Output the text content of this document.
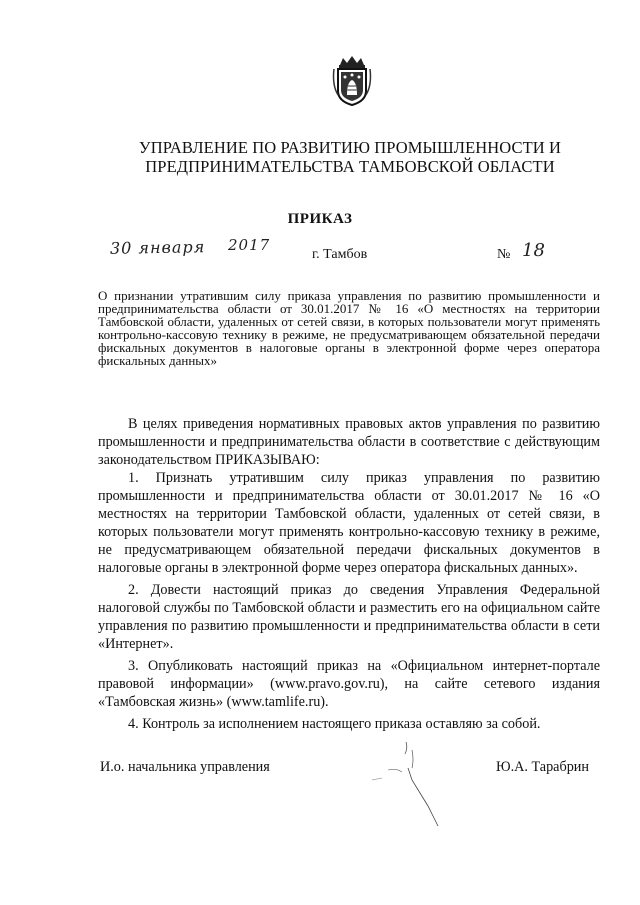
УПРАВЛЕНИЕ ПО РАЗВИТИЮ ПРОМЫШЛЕННОСТИ И
ПРЕДПРИНИМАТЕЛЬСТВА ТАМБОВСКОЙ ОБЛАСТИ
ПРИКАЗ
30 января 2017
г. Тамбов	№ 18
О признании утратившим силу приказа управления по развитию промышленности и предпринимательства области от 30.01.2017 № 16 «О местностях на территории Тамбовской области, удаленных от сетей связи, в которых пользователи могут применять контрольно-кассовую технику в режиме, не предусматривающем обязательной передачи фискальных документов в налоговые органы в электронной форме через оператора фискальных данных»

В целях приведения нормативных правовых актов управления по развитию промышленности и предпринимательства области в соответствие с действующим законодательством ПРИКАЗЫВАЮ:

1. Признать утратившим силу приказ управления по развитию промышленности и предпринимательства области от 30.01.2017 № 16 «О местностях на территории Тамбовской области, удаленных от сетей связи, в которых пользователи могут применять контрольно-кассовую технику в режиме, не предусматривающем обязательной передачи фискальных документов в налоговые органы в электронной форме через оператора фискальных данных».

2. Довести настоящий приказ до сведения Управления Федеральной налоговой службы по Тамбовской области и разместить его на официальном сайте управления по развитию промышленности и предпринимательства области в сети «Интернет».

3. Опубликовать настоящий приказ на «Официальном интернет-портале правовой информации» (www.pravo.gov.ru), на сайте сетевого издания «Тамбовская жизнь» (www.tamlife.ru).

4. Контроль за исполнением настоящего приказа оставляю за собой.

И.о. начальника управления	Ю.А. Тарабрин
